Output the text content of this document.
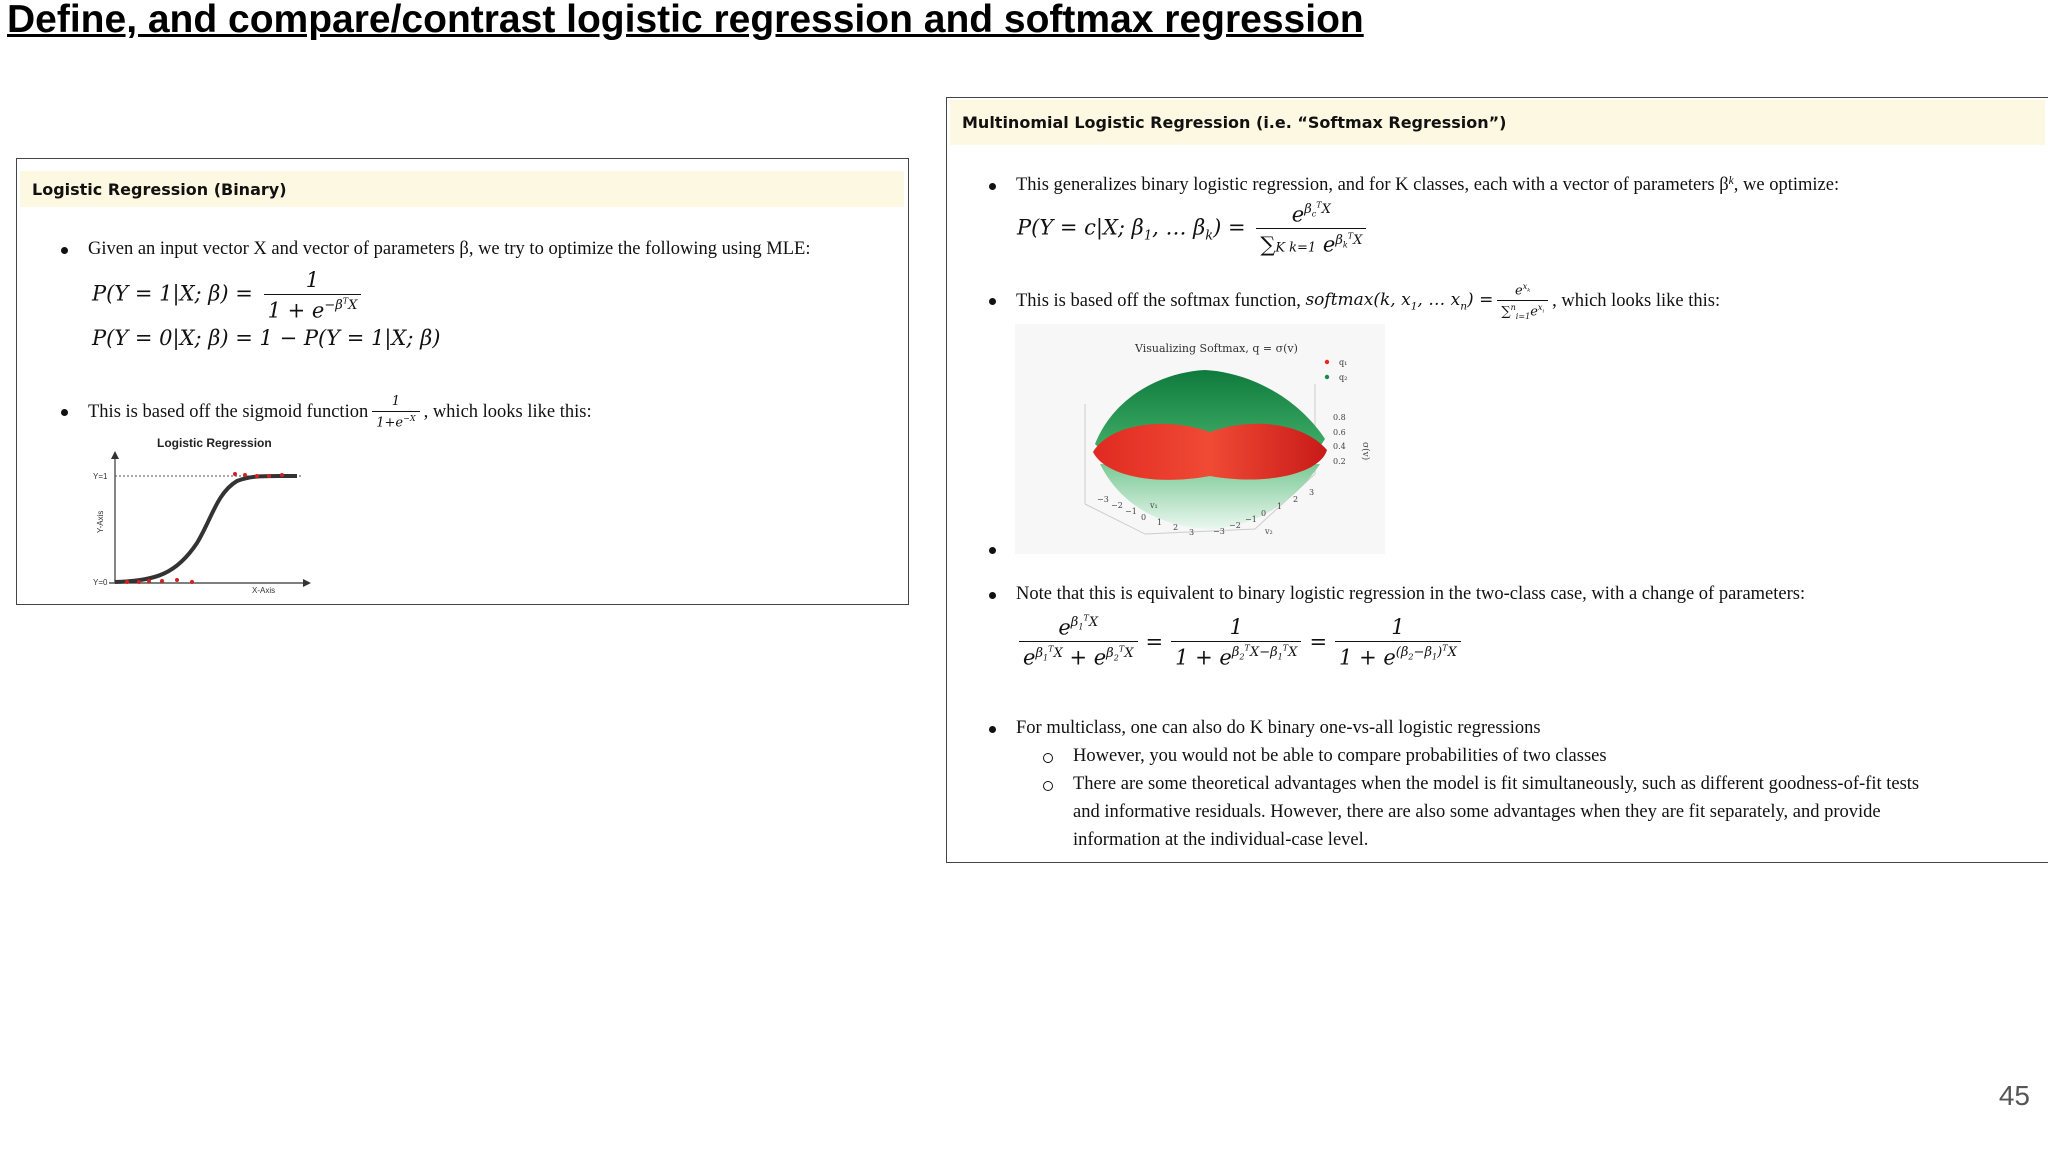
Define, and compare/contrast logistic regression and softmax regression
Logistic Regression (Binary)
Given an input vector X and vector of parameters β, we try to optimize the following using MLE:
P(Y = 1|X; $\beta) = \frac{1}{1 + e^{-\beta^TX}}$
P(Y = 0|X; β) = 1 − P(Y = 1|X; β)
This is based off the sigmoid function $\frac{1}{1+e^{-X}}$ , which looks like this:
Logistic Regression
Y=1
Y=0
Y-Axis
X-Axis
Multinomial Logistic Regression (i.e. “Softmax Regression”)
This generalizes binary logistic regression, and for K classes, each with a vector of parameters β k , we optimize:
P(Y = c|X; $\beta_1$, … $\beta_k) = \frac{e^{\beta_c^TX}}{\sum K k=1 e^{\beta_k^TX}}$
This is based off the softmax function,
softmax(k, $x_1$, … $x_n) = \frac{e^{x_k}}{\sum^n_{i=1}e^{x_i}}$ , which looks like this:
Visualizing Softmax, q = σ(v)
q₁
q₂
0.8
0.6
0.4
0.2
σ(v)
−3
−2
−1
0
1
2
3 −3
−2
−1
0
1
2
3
v₁
v₂
Note that this is equivalent to binary logistic regression in the two-class case, with a change of parameters:
$\frac{e^{\beta_1^TX}}{e^{\beta_1^TX} + e^{\beta_2^TX}} = \frac{1}{1 + e^{\beta_2^TX-\beta_1^TX}} = \frac{1}{1 + e^{(\beta_2-\beta_1)^TX}}$
For multiclass, one can also do K binary one-vs-all logistic regressions
However, you would not be able to compare probabilities of two classes
There are some theoretical advantages when the model is fit simultaneously, such as different goodness-of-fit tests
and informative residuals. However, there are also some advantages when they are fit separately, and provide
information at the individual-case level.
45
